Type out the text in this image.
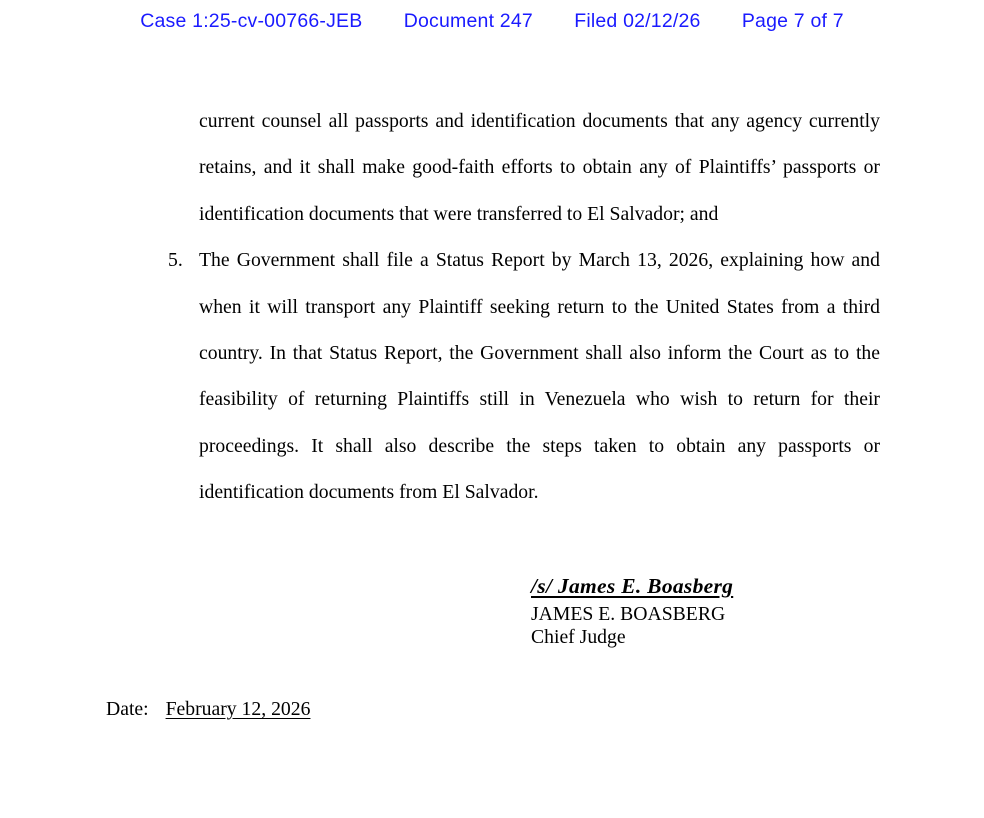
Case 1:25-cv-00766-JEB Document 247 Filed 02/12/26 Page 7 of 7

current counsel all passports and identification documents that any agency currently retains, and it shall make good-faith efforts to obtain any of Plaintiffs’ passports or identification documents that were transferred to El Salvador; and

5. The Government shall file a Status Report by March 13, 2026, explaining how and when it will transport any Plaintiff seeking return to the United States from a third country. In that Status Report, the Government shall also inform the Court as to the feasibility of returning Plaintiffs still in Venezuela who wish to return for their proceedings. It shall also describe the steps taken to obtain any passports or identification documents from El Salvador.

/s/ James E. Boasberg
JAMES E. BOASBERG
Chief Judge
Date: February 12, 2026
